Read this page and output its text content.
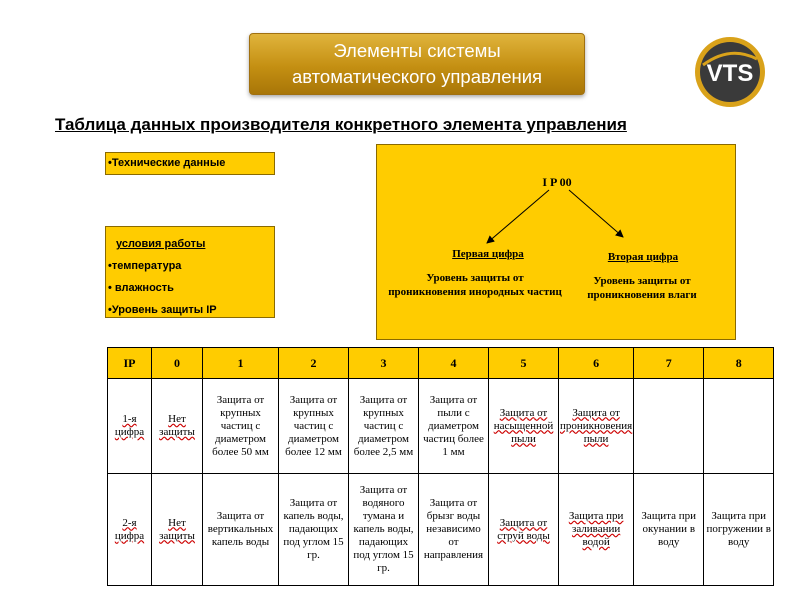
Элементы системы
автоматического управления	VTS
Таблица данных производителя конкретного элемента управления
•Технические данные
условия работы
•температура
• влажность
•Уровень защиты IP
I P 00
Первая цифра	Вторая цифра
Уровень защиты от проникновения инородных частиц
Уровень защиты от проникновения влаги
IP	0	1	2	3	4	5	6	7	8
1-я цифра	Нет защиты	Защита от крупных частиц с диаметром более 50 мм	Защита от крупных частиц с диаметром более 12 мм	Защита от крупных частиц с диаметром более 2,5 мм	Защита от пыли с диаметром частиц более 1 мм	Защита от насыщенной пыли	Защита от проникновения пыли		
2-я цифра	Нет защиты	Защита от вертикальных капель воды	Защита от капель воды, падающих под углом 15 гр.	Защита от водяного тумана и капель воды, падающих под углом 15 гр.	Защита от брызг воды независимо от направления	Защита от струй воды	Защита при заливании водой	Защита при окунании в воду	Защита при погружении в воду
